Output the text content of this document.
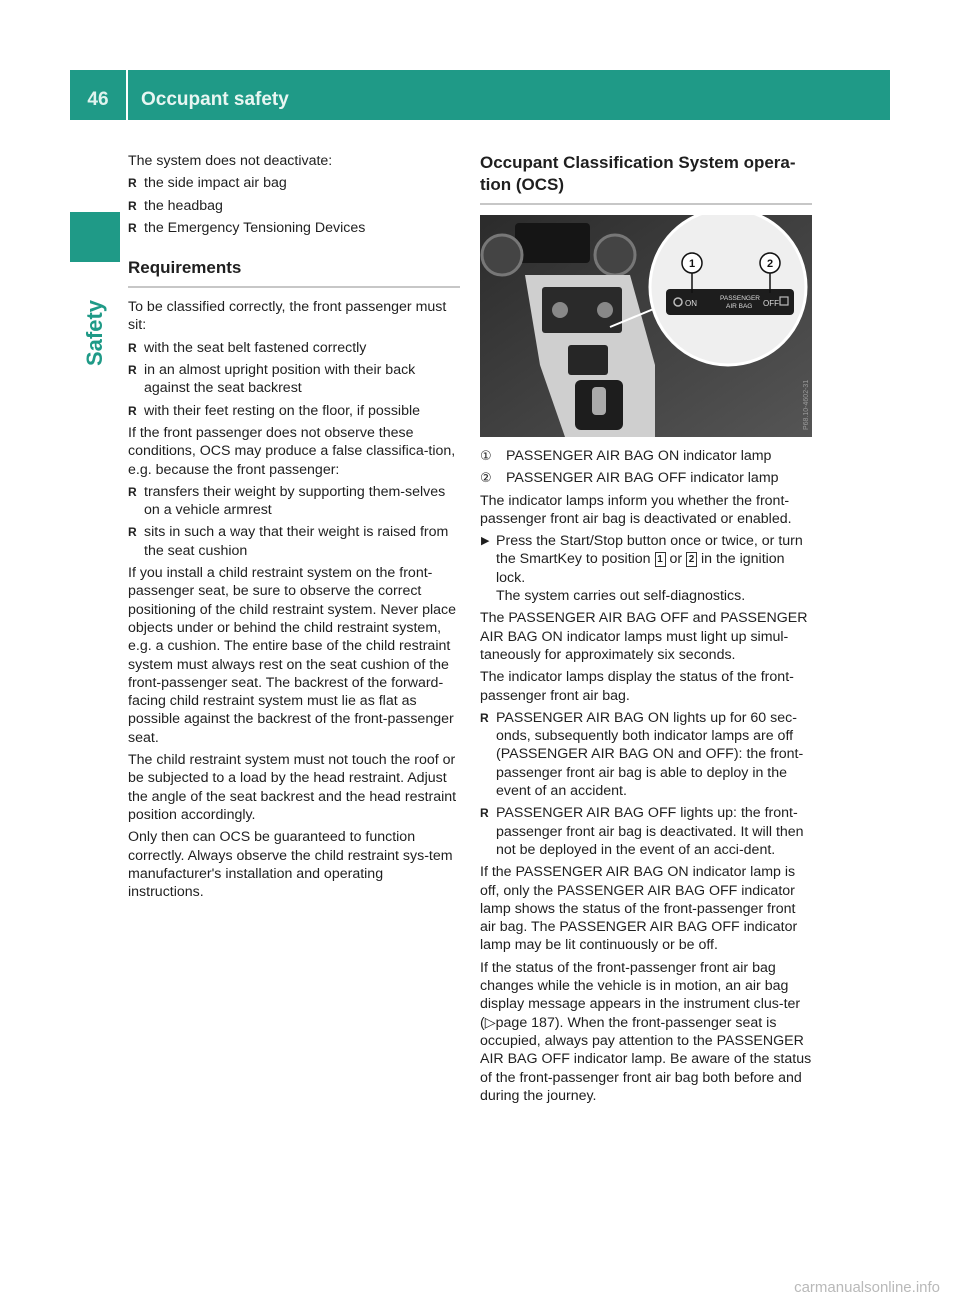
46	Occupant safety
Safety

The system does not deactivate:

R the side impact air bag
R the headbag
R the Emergency Tensioning Devices
Requirements

To be classified correctly, the front passenger must sit:

R with the seat belt fastened correctly
R in an almost upright position with their back against the seat backrest
R with their feet resting on the floor, if possible

If the front passenger does not observe these conditions, OCS may produce a false classifica-tion, e.g. because the front passenger:

R transfers their weight by supporting them-selves on a vehicle armrest
R sits in such a way that their weight is raised from the seat cushion

If you install a child restraint system on the front-passenger seat, be sure to observe the correct positioning of the child restraint system. Never place objects under or behind the child restraint system, e.g. a cushion. The entire base of the child restraint system must always rest on the seat cushion of the front-passenger seat. The backrest of the forward-facing child restraint system must lie as flat as possible against the backrest of the front-passenger seat.

The child restraint system must not touch the roof or be subjected to a load by the head restraint. Adjust the angle of the seat backrest and the head restraint position accordingly.

Only then can OCS be guaranteed to function correctly. Always observe the child restraint sys-tem manufacturer's installation and operating instructions.

Occupant Classification System opera-tion (OCS)
ON
PASSENGER
AIR BAG OFF
1	2
P68.10-4602-31
① PASSENGER AIR BAG ON indicator lamp
② PASSENGER AIR BAG OFF indicator lamp

The indicator lamps inform you whether the front-passenger front air bag is deactivated or enabled.

▶ Press the Start/Stop button once or twice, or turn the SmartKey to position 1 or 2 in the ignition lock.
The system carries out self-diagnostics.

The PASSENGER AIR BAG OFF and PASSENGER AIR BAG ON indicator lamps must light up simul-taneously for approximately six seconds.

The indicator lamps display the status of the front-passenger front air bag.

R PASSENGER AIR BAG ON lights up for 60 sec-onds, subsequently both indicator lamps are off (PASSENGER AIR BAG ON and OFF): the front-passenger front air bag is able to deploy in the event of an accident.
R PASSENGER AIR BAG OFF lights up: the front-passenger front air bag is deactivated. It will then not be deployed in the event of an acci-dent.

If the PASSENGER AIR BAG ON indicator lamp is off, only the PASSENGER AIR BAG OFF indicator lamp shows the status of the front-passenger front air bag. The PASSENGER AIR BAG OFF indicator lamp may be lit continuously or be off.

If the status of the front-passenger front air bag changes while the vehicle is in motion, an air bag display message appears in the instrument clus-ter (▷page 187). When the front-passenger seat is occupied, always pay attention to the PASSENGER AIR BAG OFF indicator lamp. Be aware of the status of the front-passenger front air bag both before and during the journey.

carmanualsonline.info
